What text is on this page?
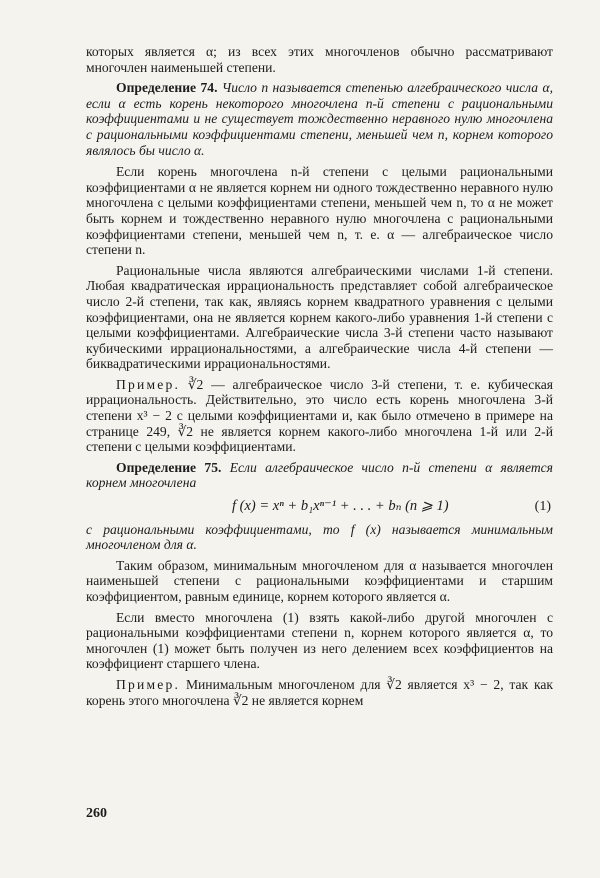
которых является α; из всех этих многочленов обычно рассматривают многочлен наименьшей степени.

Определение 74. Число n называется степенью алгебраического числа α, если α есть корень некоторого многочлена n-й степени с рациональными коэффициентами и не существует тождественно неравного нулю многочлена с рациональными коэффициентами степени, меньшей чем n, корнем которого являлось бы число α.

Если корень многочлена n-й степени с целыми рациональными коэффициентами α не является корнем ни одного тождественно неравного нулю многочлена с целыми коэффициентами степени, меньшей чем n, то α не может быть корнем и тождественно неравного нулю многочлена с рациональными коэффициентами степени, меньшей чем n, т. е. α — алгебраическое число степени n.

Рациональные числа являются алгебраическими числами 1-й степени. Любая квадратическая иррациональность представляет собой алгебраическое число 2-й степени, так как, являясь корнем квадратного уравнения с целыми коэффициентами, она не является корнем какого-либо уравнения 1-й степени с целыми коэффициентами. Алгебраические числа 3-й степени часто называют кубическими иррациональностями, а алгебраические числа 4-й степени — биквадратическими иррациональностями.

Пример. ∛2 — алгебраическое число 3-й степени, т. е. кубическая иррациональность. Действительно, это число есть корень многочлена 3-й степени x³ − 2 с целыми коэффициентами и, как было отмечено в примере на странице 249, ∛2 не является корнем какого-либо многочлена 1-й или 2-й степени с целыми коэффициентами.

Определение 75. Если алгебраическое число n-й степени α является корнем многочлена

f (x) = xⁿ + b₁xⁿ⁻¹ + . . . + bₙ (n ⩾ 1)	(1)

с рациональными коэффициентами, то f (x) называется минимальным многочленом для α.

Таким образом, минимальным многочленом для α называется многочлен наименьшей степени с рациональными коэффициентами и старшим коэффициентом, равным единице, корнем которого является α.

Если вместо многочлена (1) взять какой-либо другой многочлен с рациональными коэффициентами степени n, корнем которого является α, то многочлен (1) может быть получен из него делением всех коэффициентов на коэффициент старшего члена.

Пример. Минимальным многочленом для ∛2 является x³ − 2, так как корень этого многочлена ∛2 не является корнем

260
